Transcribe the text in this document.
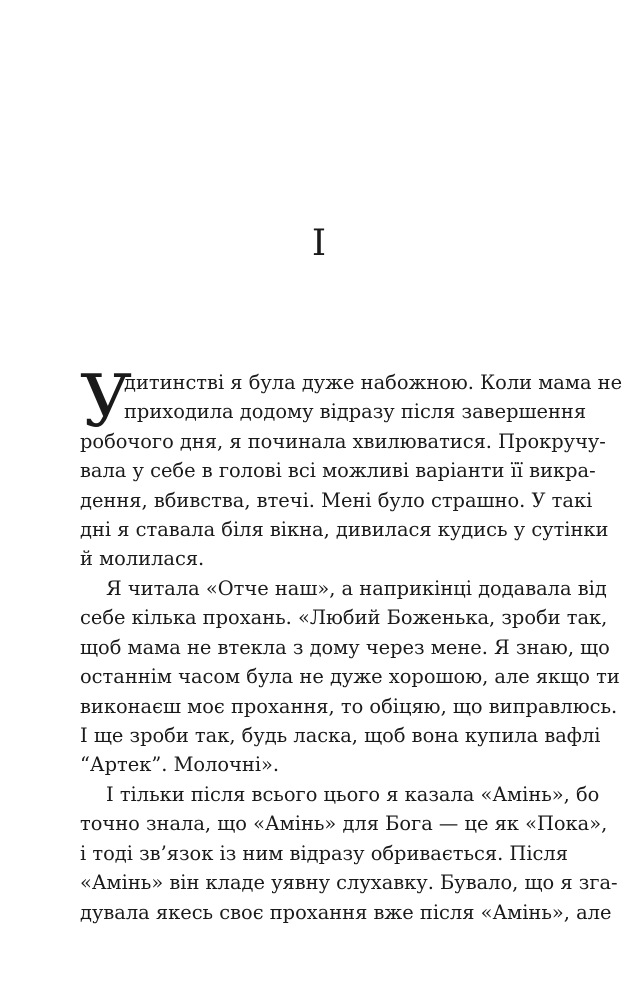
I
У
дитинстві я була дуже набожною. Коли мама не
приходила додому відразу після завершення
робочого дня, я починала хвилюватися. Прокручу-
вала у себе в голові всі можливі варіанти її викра-
дення, вбивства, втечі. Мені було страшно. У такі
дні я ставала біля вікна, дивилася кудись у сутінки
й молилася.
Я читала «Отче наш», а наприкінці додавала від
себе кілька прохань. «Любий Боженька, зроби так,
щоб мама не втекла з дому через мене. Я знаю, що
останнім часом була не дуже хорошою, але якщо ти
виконаєш моє прохання, то обіцяю, що виправлюсь.
І ще зроби так, будь ласка, щоб вона купила вафлі
“Артек”. Молочні».
І тільки після всього цього я казала «Амінь», бо
точно знала, що «Амінь» для Бога — це як «Пока»,
і тоді зв’язок із ним відразу обривається. Після
«Амінь» він кладе уявну слухавку. Бувало, що я зга-
дувала якесь своє прохання вже після «Амінь», але
